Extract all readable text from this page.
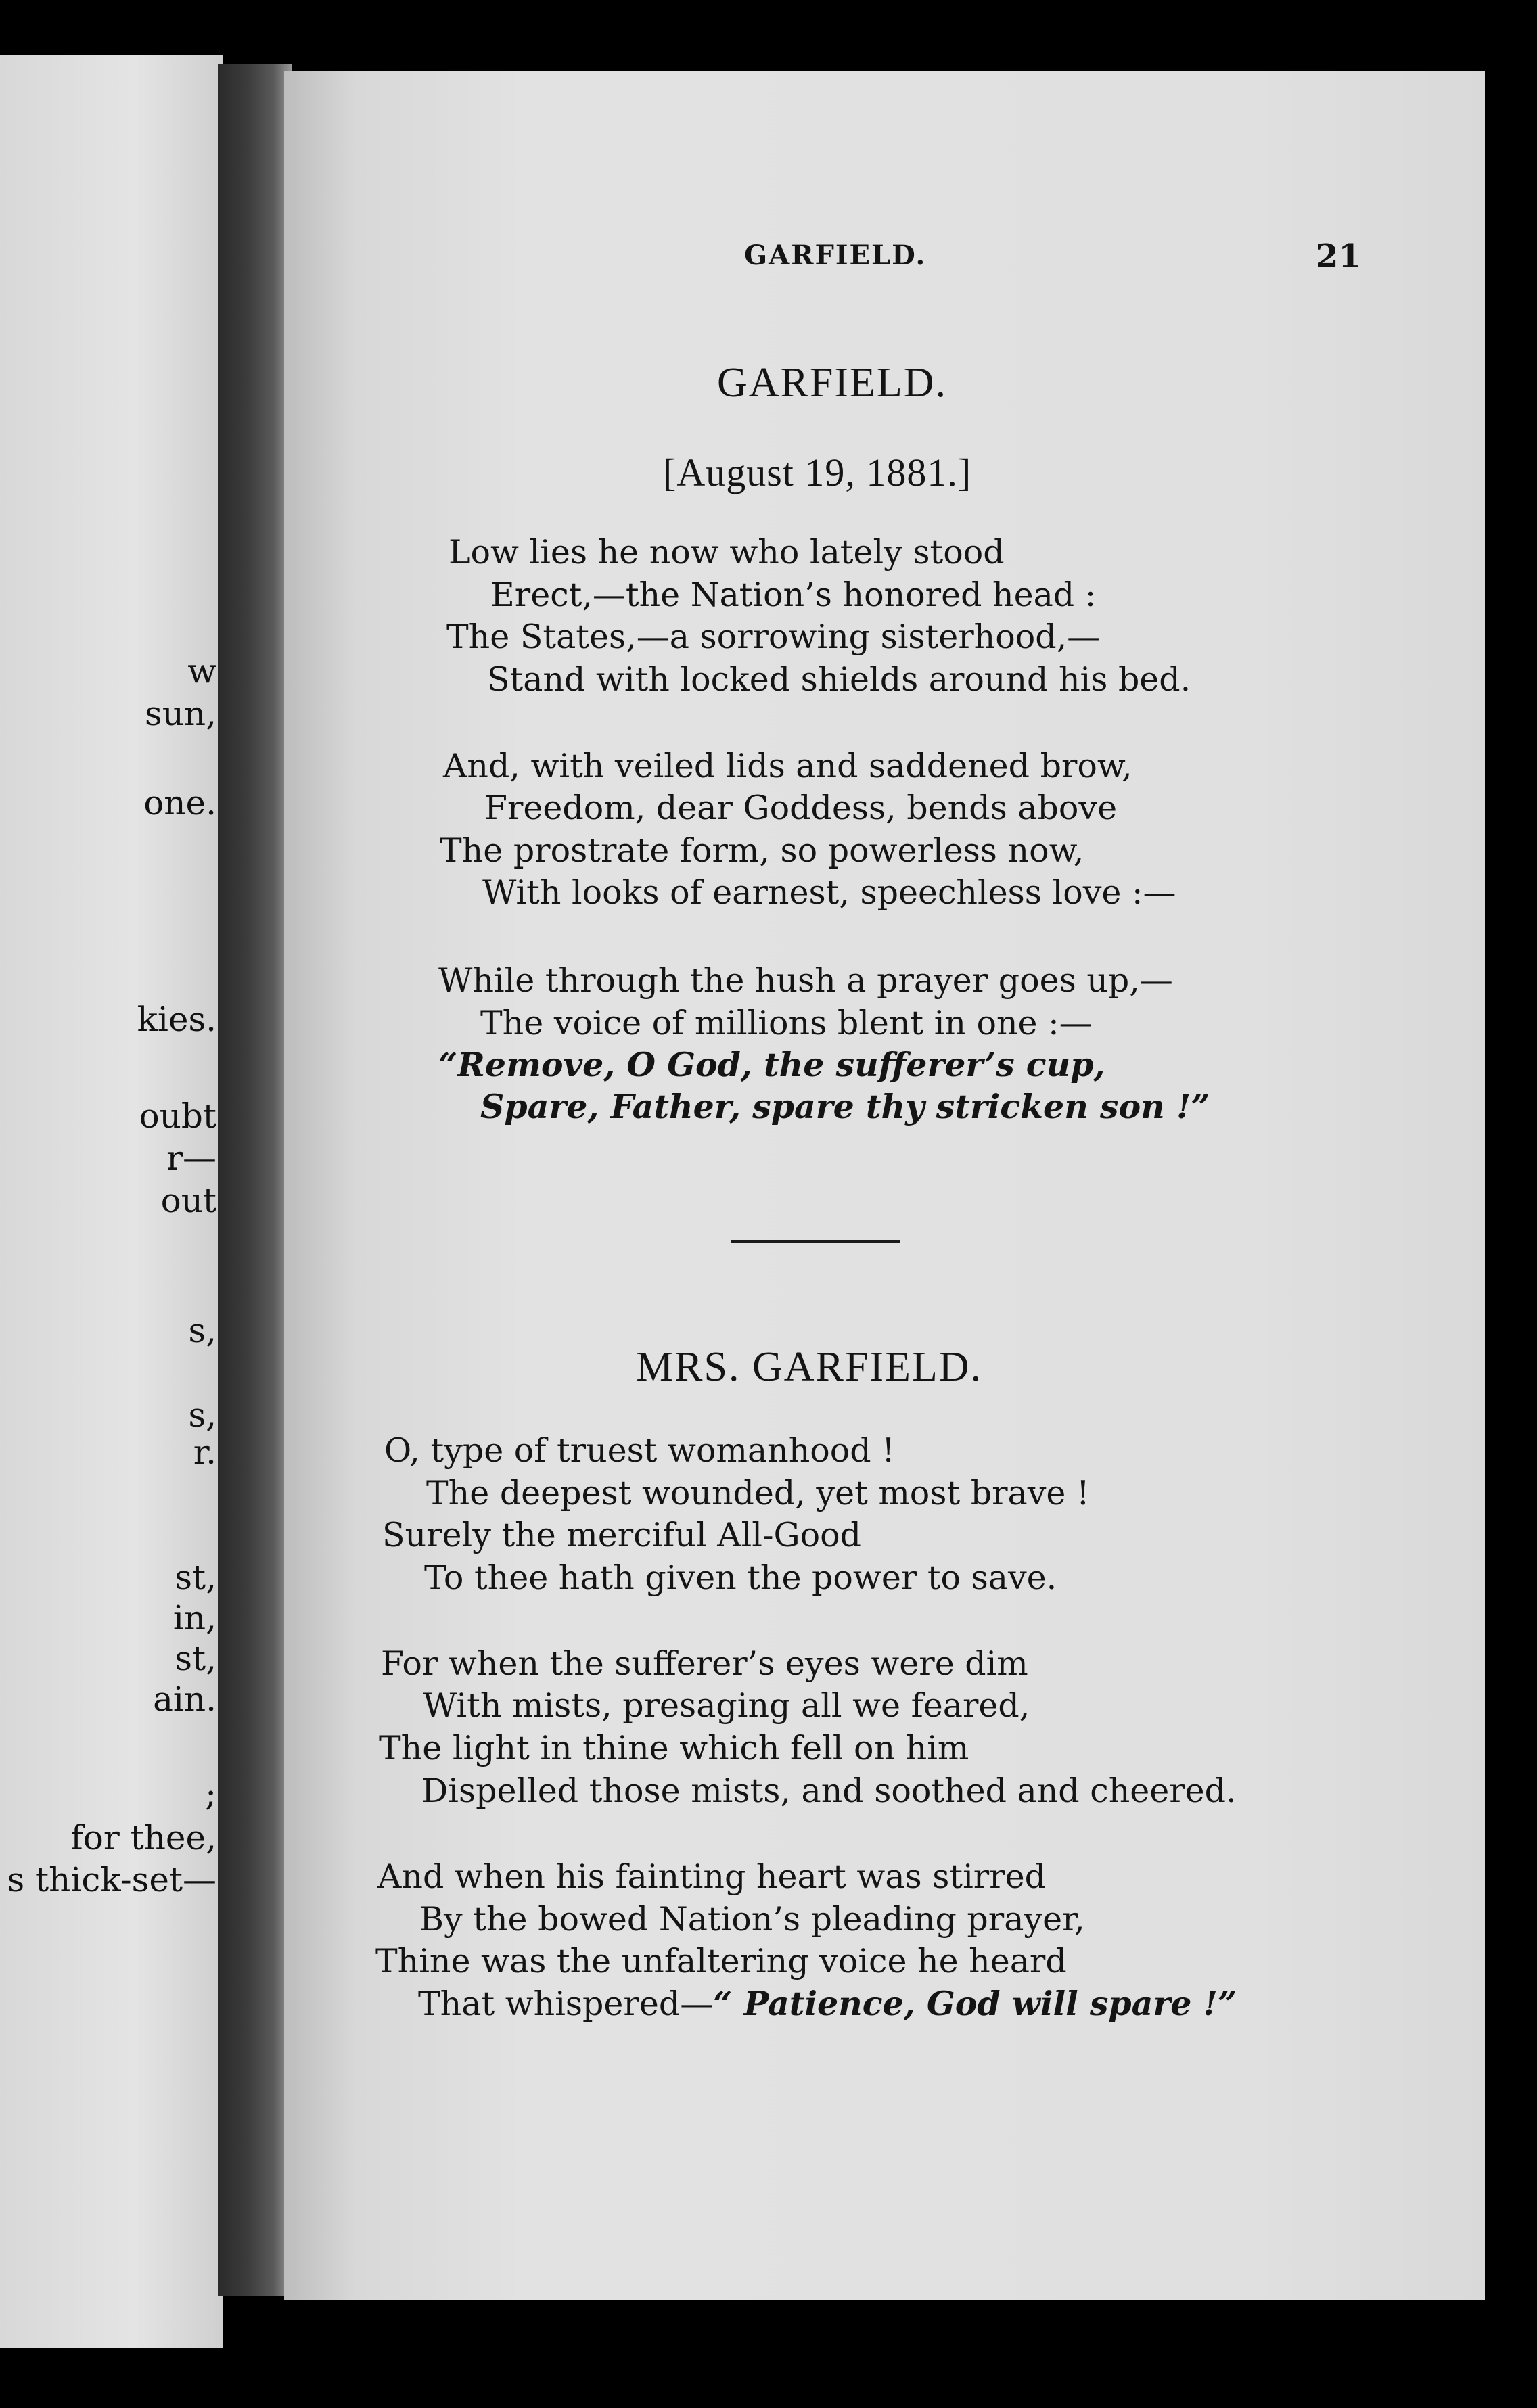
w
sun,
one.
kies.
oubt
r—
out
s,
s,
r.
st,
in,
st,
ain.
;
for thee,
s thick-set—
GARFIELD.	21
GARFIELD.
[August 19, 1881.]
Low lies he now who lately stood
Erect,—the Nation’s honored head :
The States,—a sorrowing sisterhood,—
Stand with locked shields around his bed.
And, with veiled lids and saddened brow,
Freedom, dear Goddess, bends above
The prostrate form, so powerless now,
With looks of earnest, speechless love :—
While through the hush a prayer goes up,—
The voice of millions blent in one :—
“Remove, O God, the sufferer’s cup,
Spare, Father, spare thy stricken son !”
MRS. GARFIELD.
O, type of truest womanhood !
The deepest wounded, yet most brave !
Surely the merciful All-Good
To thee hath given the power to save.
For when the sufferer’s eyes were dim
With mists, presaging all we feared,
The light in thine which fell on him
Dispelled those mists, and soothed and cheered.
And when his fainting heart was stirred
By the bowed Nation’s pleading prayer,
Thine was the unfaltering voice he heard
That whispered—“ Patience, God will spare !”
